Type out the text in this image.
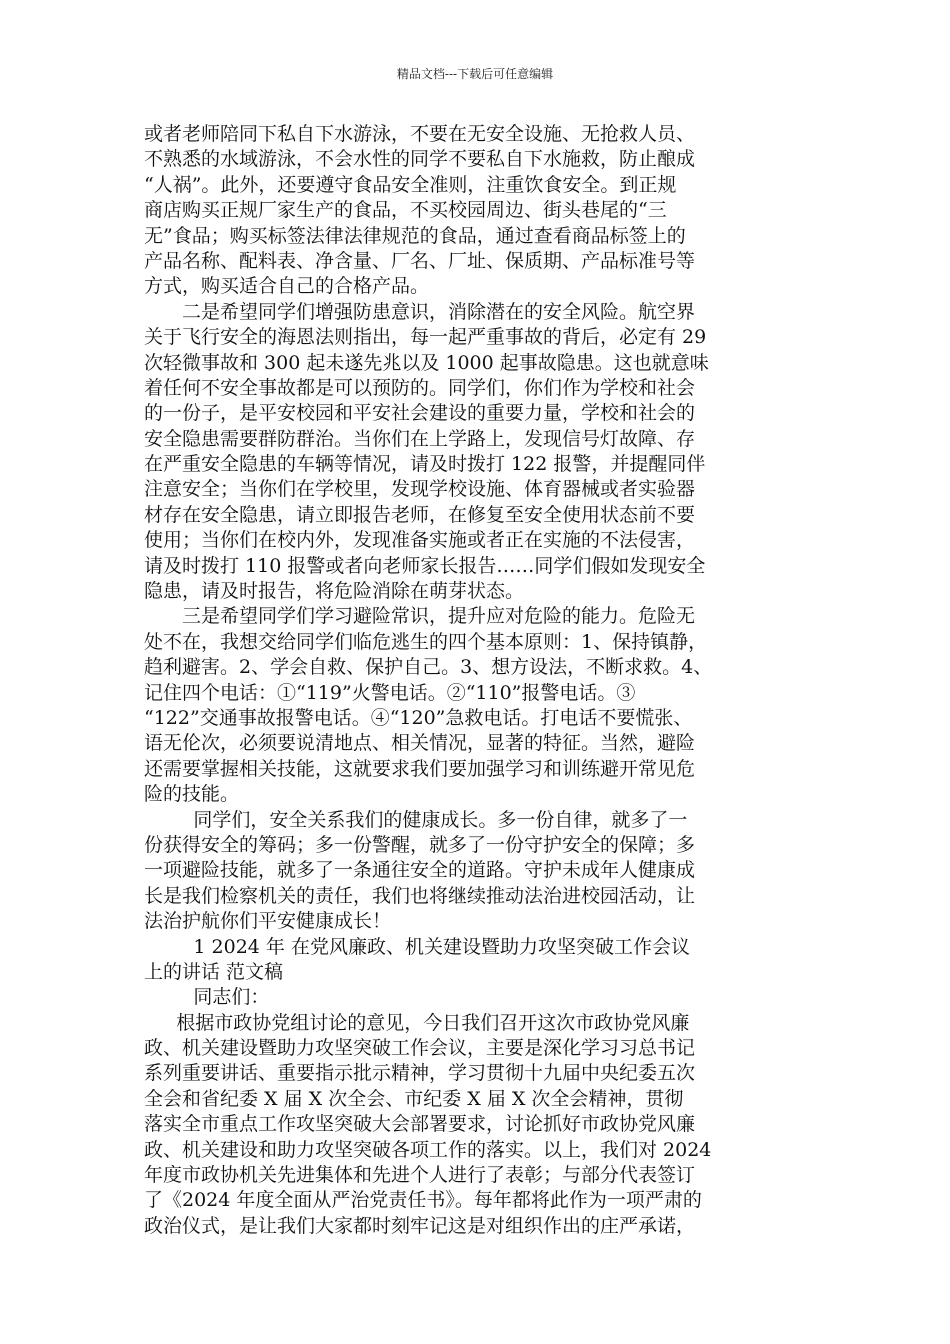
精品文档---下载后可任意编辑
或者老师陪同下私自下水游泳，不要在无安全设施、无抢救人员、
不熟悉的水域游泳，不会水性的同学不要私自下水施救，防止酿成
“人祸”。此外，还要遵守食品安全准则，注重饮食安全。到正规
商店购买正规厂家生产的食品，不买校园周边、街头巷尾的“三
无”食品；购买标签法律法律规范的食品，通过查看商品标签上的
产品名称、配料表、净含量、厂名、厂址、保质期、产品标准号等
方式，购买适合自己的合格产品。
二是希望同学们增强防患意识，消除潜在的安全风险。航空界
关于飞行安全的海恩法则指出，每一起严重事故的背后，必定有 29
次轻微事故和 300 起未遂先兆以及 1000 起事故隐患。这也就意味
着任何不安全事故都是可以预防的。同学们，你们作为学校和社会
的一份子，是平安校园和平安社会建设的重要力量，学校和社会的
安全隐患需要群防群治。当你们在上学路上，发现信号灯故障、存
在严重安全隐患的车辆等情况，请及时拨打 122 报警，并提醒同伴
注意安全；当你们在学校里，发现学校设施、体育器械或者实验器
材存在安全隐患，请立即报告老师，在修复至安全使用状态前不要
使用；当你们在校内外，发现准备实施或者正在实施的不法侵害，
请及时拨打 110 报警或者向老师家长报告……同学们假如发现安全
隐患，请及时报告，将危险消除在萌芽状态。
三是希望同学们学习避险常识，提升应对危险的能力。危险无
处不在，我想交给同学们临危逃生的四个基本原则：1、保持镇静，
趋利避害。2、学会自救、保护自己。3、想方设法，不断求救。4、
记住四个电话：①“119”火警电话。②“110”报警电话。③
“122”交通事故报警电话。④“120”急救电话。打电话不要慌张、
语无伦次，必须要说清地点、相关情况，显著的特征。当然，避险
还需要掌握相关技能，这就要求我们要加强学习和训练避开常见危
险的技能。
同学们，安全关系我们的健康成长。多一份自律，就多了一
份获得安全的筹码；多一份警醒，就多了一份守护安全的保障；多
一项避险技能，就多了一条通往安全的道路。守护未成年人健康成
长是我们检察机关的责任，我们也将继续推动法治进校园活动，让
法治护航你们平安健康成长！
1 2024 年 在党风廉政、机关建设暨助力攻坚突破工作会议
上的讲话 范文稿
同志们：
根据市政协党组讨论的意见，今日我们召开这次市政协党风廉
政、机关建设暨助力攻坚突破工作会议，主要是深化学习习总书记
系列重要讲话、重要指示批示精神，学习贯彻十九届中央纪委五次
全会和省纪委 X 届 X 次全会、市纪委 X 届 X 次全会精神，贯彻
落实全市重点工作攻坚突破大会部署要求，讨论抓好市政协党风廉
政、机关建设和助力攻坚突破各项工作的落实。以上，我们对 2024
年度市政协机关先进集体和先进个人进行了表彰；与部分代表签订
了《2024 年度全面从严治党责任书》。每年都将此作为一项严肃的
政治仪式，是让我们大家都时刻牢记这是对组织作出的庄严承诺，
